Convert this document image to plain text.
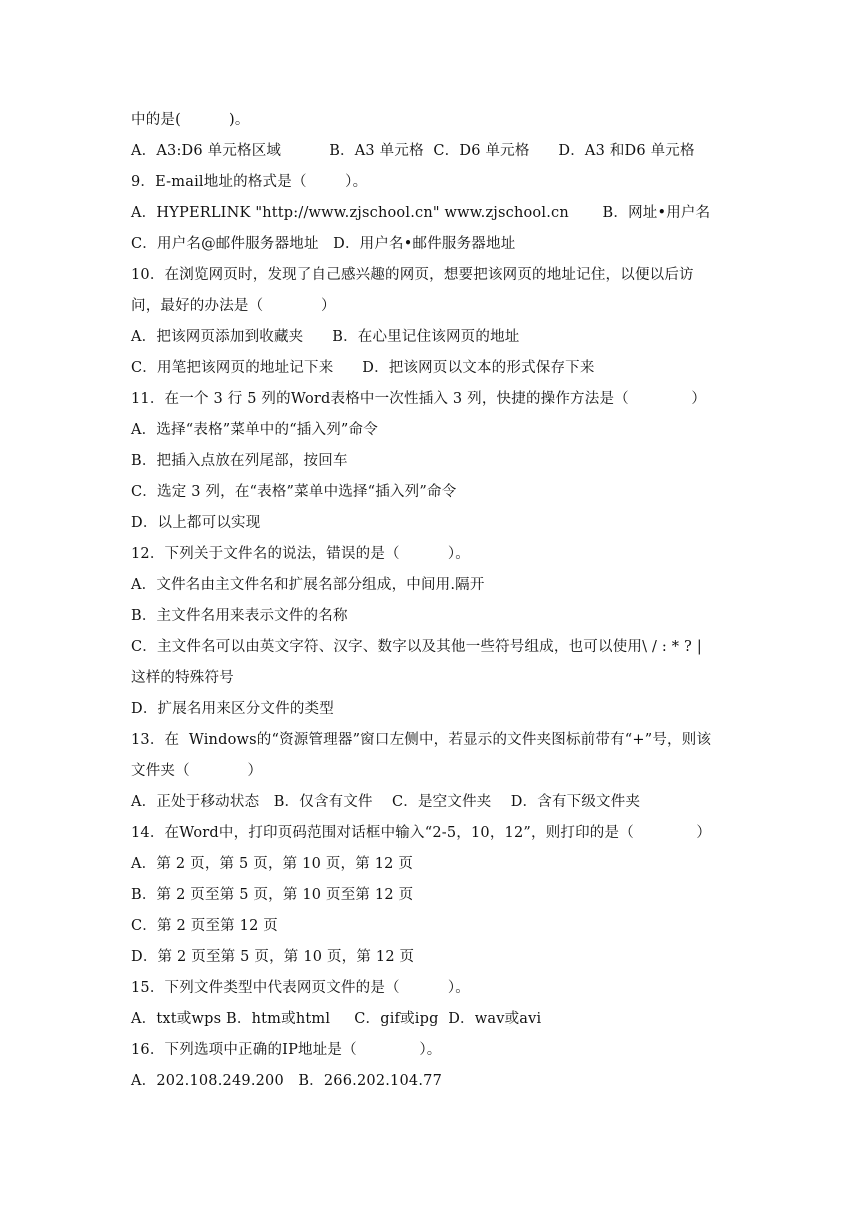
中的是(          )。
A．A3:D6 单元格区域          B．A3 单元格  C．D6 单元格      D．A3 和D6 单元格
9．E-mail地址的格式是（        ）。
A．HYPERLINK "http://www.zjschool.cn" www.zjschool.cn       B．网址•用户名
C．用户名@邮件服务器地址   D．用户名•邮件服务器地址
10．在浏览网页时，发现了自己感兴趣的网页，想要把该网页的地址记住，以便以后访
问，最好的办法是（            ）
A．把该网页添加到收藏夹      B．在心里记住该网页的地址
C．用笔把该网页的地址记下来      D．把该网页以文本的形式保存下来
11．在一个 3 行 5 列的Word表格中一次性插入 3 列，快捷的操作方法是（             ）
A．选择“表格”菜单中的“插入列”命令
B．把插入点放在列尾部，按回车
C．选定 3 列，在“表格”菜单中选择“插入列”命令
D．以上都可以实现
12．下列关于文件名的说法，错误的是（          ）。
A．文件名由主文件名和扩展名部分组成，中间用.隔开
B．主文件名用来表示文件的名称
C．主文件名可以由英文字符、汉字、数字以及其他一些符号组成，也可以使用\ / : * ? |
这样的特殊符号
D．扩展名用来区分文件的类型
13．在  Windows的“资源管理器”窗口左侧中，若显示的文件夹图标前带有“+”号，则该
文件夹（            ）
A．正处于移动状态   B．仅含有文件    C．是空文件夹    D．含有下级文件夹
14．在Word中，打印页码范围对话框中输入“2-5，10，12”，则打印的是（             ）
A．第 2 页，第 5 页，第 10 页，第 12 页
B．第 2 页至第 5 页，第 10 页至第 12 页
C．第 2 页至第 12 页
D．第 2 页至第 5 页，第 10 页，第 12 页
15．下列文件类型中代表网页文件的是（          ）。
A．txt或wps B．htm或html     C．gif或ipg  D．wav或avi
16．下列选项中正确的IP地址是（             ）。
A．202.108.249.200   B．266.202.104.77
